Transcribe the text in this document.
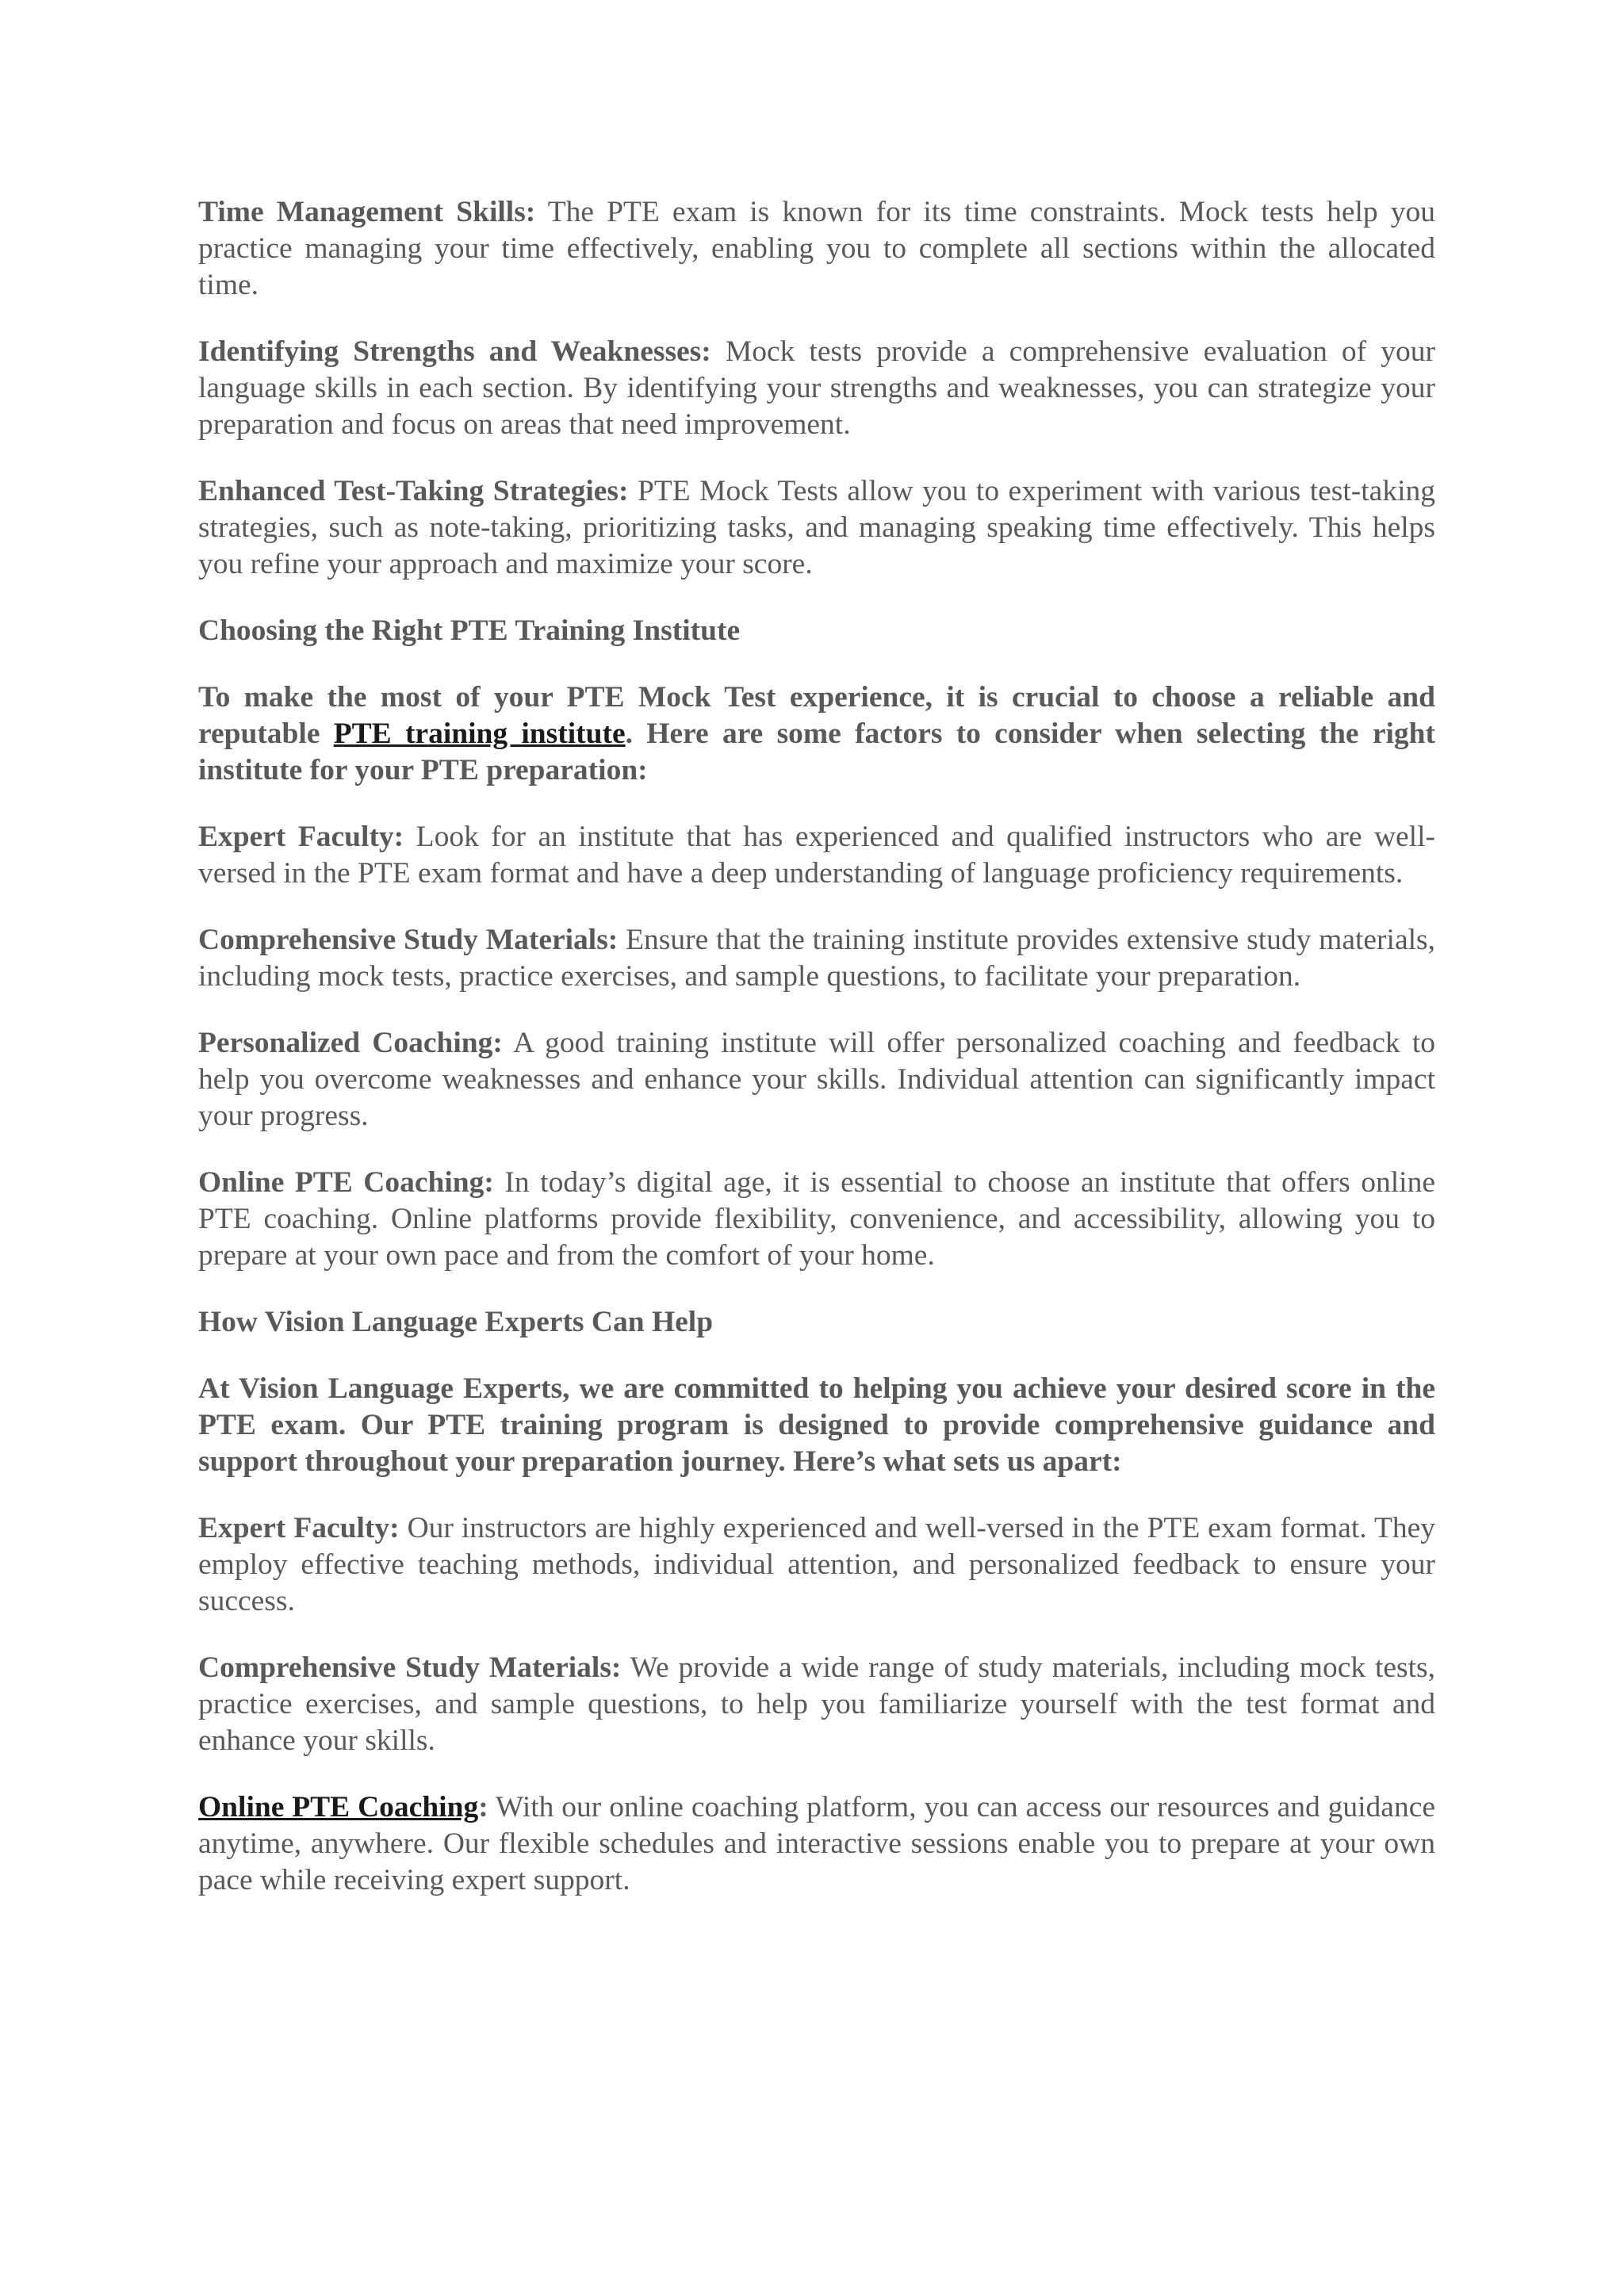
Time Management Skills: The PTE exam is known for its time constraints. Mock tests help you practice managing your time effectively, enabling you to complete all sections within the allocated time.

Identifying Strengths and Weaknesses: Mock tests provide a comprehensive evaluation of your language skills in each section. By identifying your strengths and weaknesses, you can strategize your preparation and focus on areas that need improvement.

Enhanced Test-Taking Strategies: PTE Mock Tests allow you to experiment with various test-taking strategies, such as note-taking, prioritizing tasks, and managing speaking time effectively. This helps you refine your approach and maximize your score.

Choosing the Right PTE Training Institute

To make the most of your PTE Mock Test experience, it is crucial to choose a reliable and reputable PTE training institute. Here are some factors to consider when selecting the right institute for your PTE preparation:

Expert Faculty: Look for an institute that has experienced and qualified instructors who are well-versed in the PTE exam format and have a deep understanding of language proficiency requirements.

Comprehensive Study Materials: Ensure that the training institute provides extensive study materials, including mock tests, practice exercises, and sample questions, to facilitate your preparation.

Personalized Coaching: A good training institute will offer personalized coaching and feedback to help you overcome weaknesses and enhance your skills. Individual attention can significantly impact your progress.

Online PTE Coaching: In today’s digital age, it is essential to choose an institute that offers online PTE coaching. Online platforms provide flexibility, convenience, and accessibility, allowing you to prepare at your own pace and from the comfort of your home.

How Vision Language Experts Can Help

At Vision Language Experts, we are committed to helping you achieve your desired score in the PTE exam. Our PTE training program is designed to provide comprehensive guidance and support throughout your preparation journey. Here’s what sets us apart:

Expert Faculty: Our instructors are highly experienced and well-versed in the PTE exam format. They employ effective teaching methods, individual attention, and personalized feedback to ensure your success.

Comprehensive Study Materials: We provide a wide range of study materials, including mock tests, practice exercises, and sample questions, to help you familiarize yourself with the test format and enhance your skills.

Online PTE Coaching: With our online coaching platform, you can access our resources and guidance anytime, anywhere. Our flexible schedules and interactive sessions enable you to prepare at your own pace while receiving expert support.
